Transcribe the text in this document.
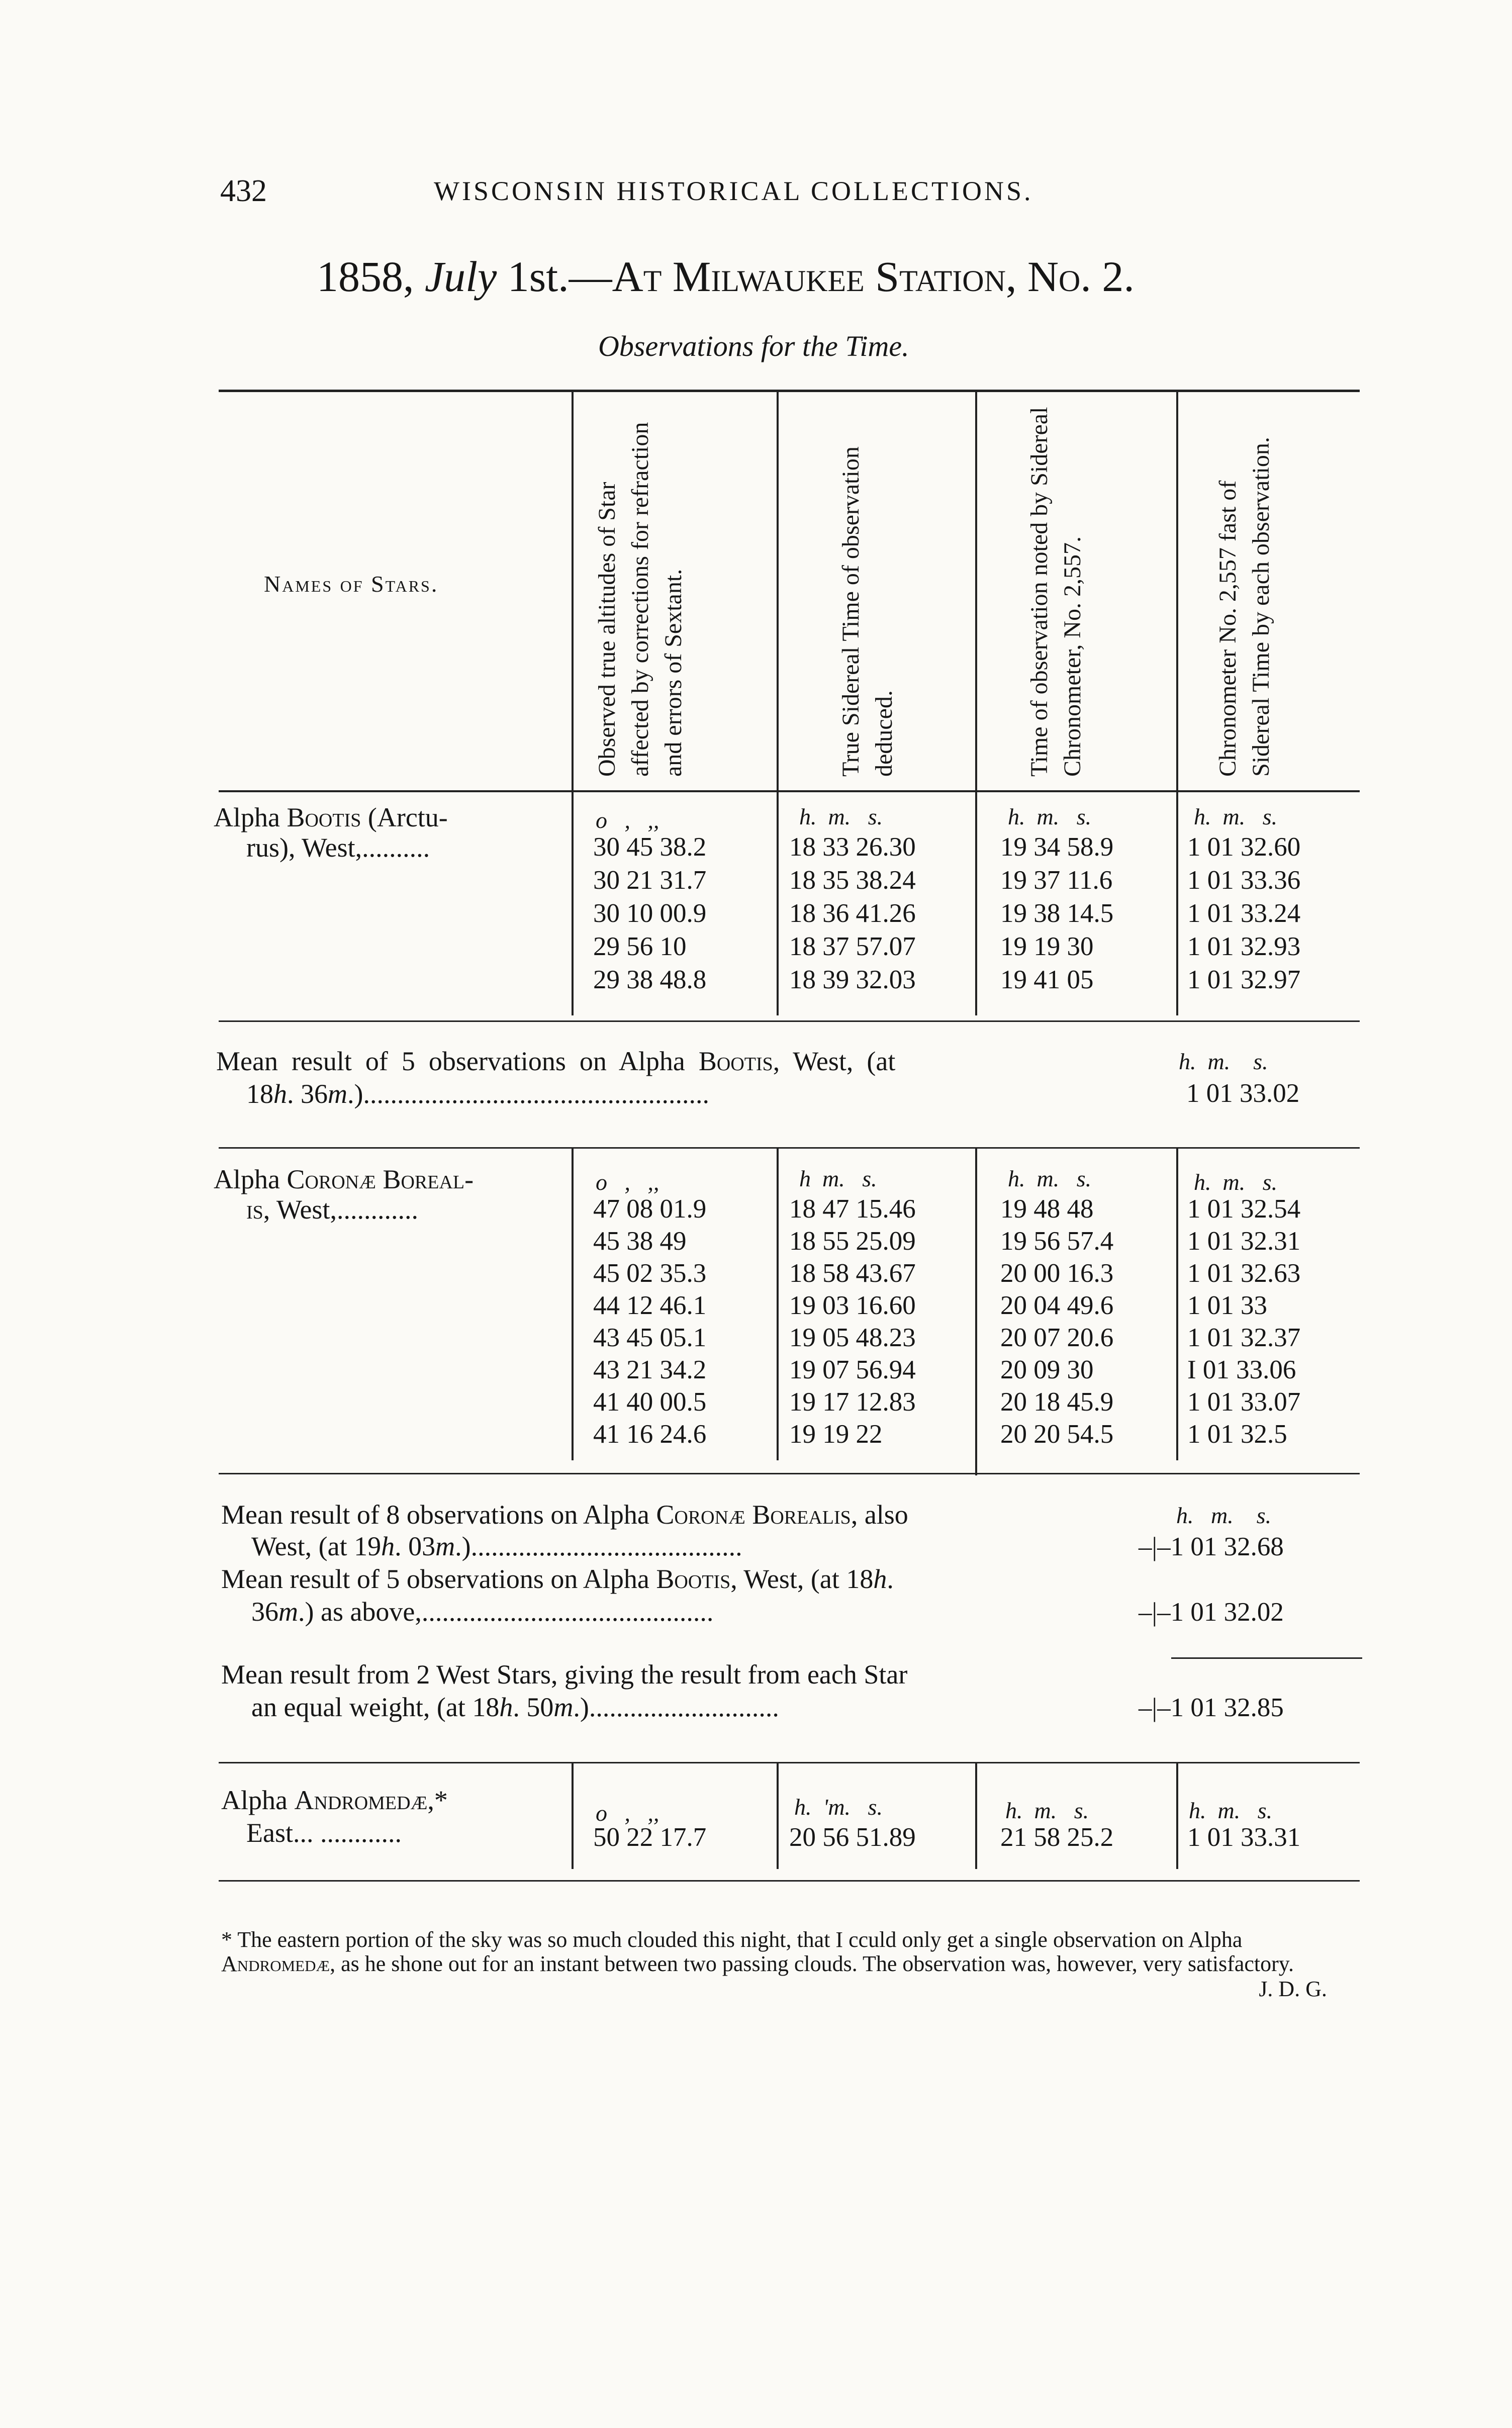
432	WISCONSIN HISTORICAL COLLECTIONS.
1858, July 1st.—At Milwaukee Station, No. 2.
Observations for the Time.
Names of Stars.	Observed true altitudes of Star affected by corrections for refraction and errors of Sextant.	True Sidereal Time of observation deduced.	Time of observation noted by Sidereal Chronometer, No. 2,557.	Chronometer No. 2,557 fast of Sidereal Time by each observation.
Alpha Bootis (Arctu-
rus), West,..........
o   ,   ,,	h.  m.   s.	h.  m.   s.	h.  m.   s.
30 45 38.2	18 33 26.30	19 34 58.9	1 01 32.60
30 21 31.7	18 35 38.24	19 37 11.6	1 01 33.36
30 10 00.9	18 36 41.26	19 38 14.5	1 01 33.24
29 56 10	18 37 57.07	19 19 30	1 01 32.93
29 38 48.8	18 39 32.03	19 41 05	1 01 32.97
Mean  result  of  5  observations  on  Alpha  Bootis,  West,  (at	h.  m.    s.
18h. 36m.)...................................................	1 01 33.02
Alpha Coronæ Boreal-
is, West,............
o   ,   ,,	h  m.   s.	h.  m.   s.	h.  m.   s.
47 08 01.9	18 47 15.46	19 48 48	1 01 32.54
45 38 49	18 55 25.09	19 56 57.4	1 01 32.31
45 02 35.3	18 58 43.67	20 00 16.3	1 01 32.63
44 12 46.1	19 03 16.60	20 04 49.6	1 01 33
43 45 05.1	19 05 48.23	20 07 20.6	1 01 32.37
43 21 34.2	19 07 56.94	20 09 30	I 01 33.06
41 40 00.5	19 17 12.83	20 18 45.9	1 01 33.07
41 16 24.6	19 19 22	20 20 54.5	1 01 32.5
Mean result of 8 observations on Alpha Coronæ Borealis, also	h.   m.    s.
West, (at 19h. 03m.)........................................	–|–1 01 32.68
Mean result of 5 observations on Alpha Bootis, West, (at 18h.
36m.) as above,...........................................	–|–1 01 32.02
Mean result from 2 West Stars, giving the result from each Star
an equal weight, (at 18h. 50m.)............................	–|–1 01 32.85
Alpha Andromedæ,*
East... ............
o   ,   ,,	h.  'm.   s.	h.  m.   s.	h.  m.   s.
50 22 17.7	20 56 51.89	21 58 25.2	1 01 33.31
* The eastern portion of the sky was so much clouded this night, that I cculd only get a single observation on Alpha Andromedæ, as he shone out for an instant between two passing clouds. The observation was, however, very satisfactory.
J. D. G.
